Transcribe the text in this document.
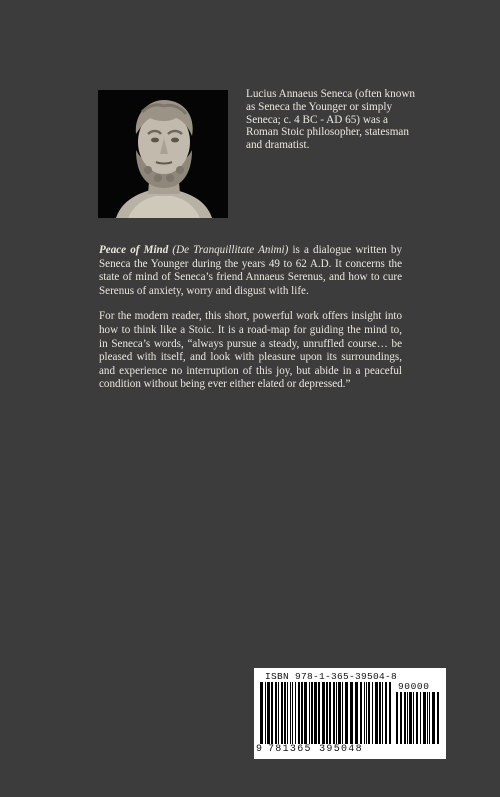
Lucius Annaeus Seneca (often known as Seneca the Younger or simply Seneca; c. 4 BC - AD 65) was a Roman Stoic philosopher, statesman and dramatist.

Peace of Mind (De Tranquillitate Animi) is a dialogue written by Seneca the Younger during the years 49 to 62 A.D. It concerns the state of mind of Seneca’s friend Annaeus Serenus, and how to cure Serenus of anxiety, worry and disgust with life.

For the modern reader, this short, powerful work offers insight into how to think like a Stoic. It is a road-map for guiding the mind to, in Seneca’s words, “always pursue a steady, unruffled course… be pleased with itself, and look with pleasure upon its surroundings, and experience no interruption of this joy, but abide in a peaceful condition without being ever either elated or depressed.”

ISBN 978-1-365-39504-8
9 781365 395048
90000
